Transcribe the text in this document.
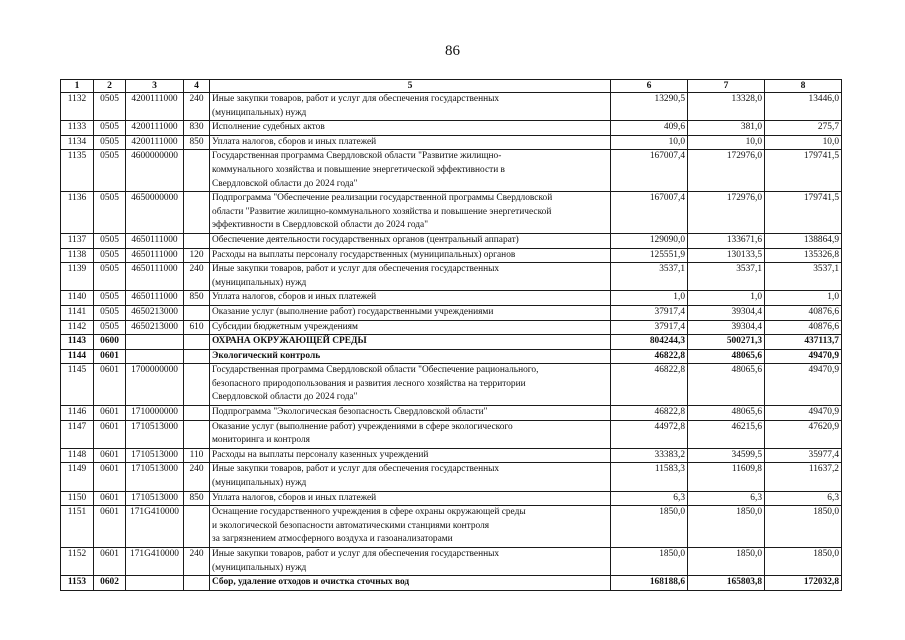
86
1	2	3	4	5	6	7	8
1132	0505	4200111000	240	Иные закупки товаров, работ и услуг для обеспечения государственных
(муниципальных) нужд	13290,5	13328,0	13446,0
1133	0505	4200111000	830	Исполнение судебных актов	409,6	381,0	275,7
1134	0505	4200111000	850	Уплата налогов, сборов и иных платежей	10,0	10,0	10,0
1135	0505	4600000000		Государственная программа Свердловской области "Развитие жилищно-
коммунального хозяйства и повышение энергетической эффективности в
Свердловской области до 2024 года"	167007,4	172976,0	179741,5
1136	0505	4650000000		Подпрограмма "Обеспечение реализации государственной программы Свердловской
области "Развитие жилищно-коммунального хозяйства и повышение энергетической
эффективности в Свердловской области до 2024 года"	167007,4	172976,0	179741,5
1137	0505	4650111000		Обеспечение деятельности государственных органов (центральный аппарат)	129090,0	133671,6	138864,9
1138	0505	4650111000	120	Расходы на выплаты персоналу государственных (муниципальных) органов	125551,9	130133,5	135326,8
1139	0505	4650111000	240	Иные закупки товаров, работ и услуг для обеспечения государственных
(муниципальных) нужд	3537,1	3537,1	3537,1
1140	0505	4650111000	850	Уплата налогов, сборов и иных платежей	1,0	1,0	1,0
1141	0505	4650213000		Оказание услуг (выполнение работ) государственными учреждениями	37917,4	39304,4	40876,6
1142	0505	4650213000	610	Субсидии бюджетным учреждениям	37917,4	39304,4	40876,6
1143	0600			ОХРАНА ОКРУЖАЮЩЕЙ СРЕДЫ	804244,3	500271,3	437113,7
1144	0601			Экологический контроль	46822,8	48065,6	49470,9
1145	0601	1700000000		Государственная программа Свердловской области "Обеспечение рационального,
безопасного природопользования и развития лесного хозяйства на территории
Свердловской области до 2024 года"	46822,8	48065,6	49470,9
1146	0601	1710000000		Подпрограмма "Экологическая безопасность Свердловской области"	46822,8	48065,6	49470,9
1147	0601	1710513000		Оказание услуг (выполнение работ) учреждениями в сфере экологического
мониторинга и контроля	44972,8	46215,6	47620,9
1148	0601	1710513000	110	Расходы на выплаты персоналу казенных учреждений	33383,2	34599,5	35977,4
1149	0601	1710513000	240	Иные закупки товаров, работ и услуг для обеспечения государственных
(муниципальных) нужд	11583,3	11609,8	11637,2
1150	0601	1710513000	850	Уплата налогов, сборов и иных платежей	6,3	6,3	6,3
1151	0601	171G410000		Оснащение государственного учреждения в сфере охраны окружающей среды
и экологической безопасности автоматическими станциями контроля
за загрязнением атмосферного воздуха и газоанализаторами	1850,0	1850,0	1850,0
1152	0601	171G410000	240	Иные закупки товаров, работ и услуг для обеспечения государственных
(муниципальных) нужд	1850,0	1850,0	1850,0
1153	0602			Сбор, удаление отходов и очистка сточных вод	168188,6	165803,8	172032,8
